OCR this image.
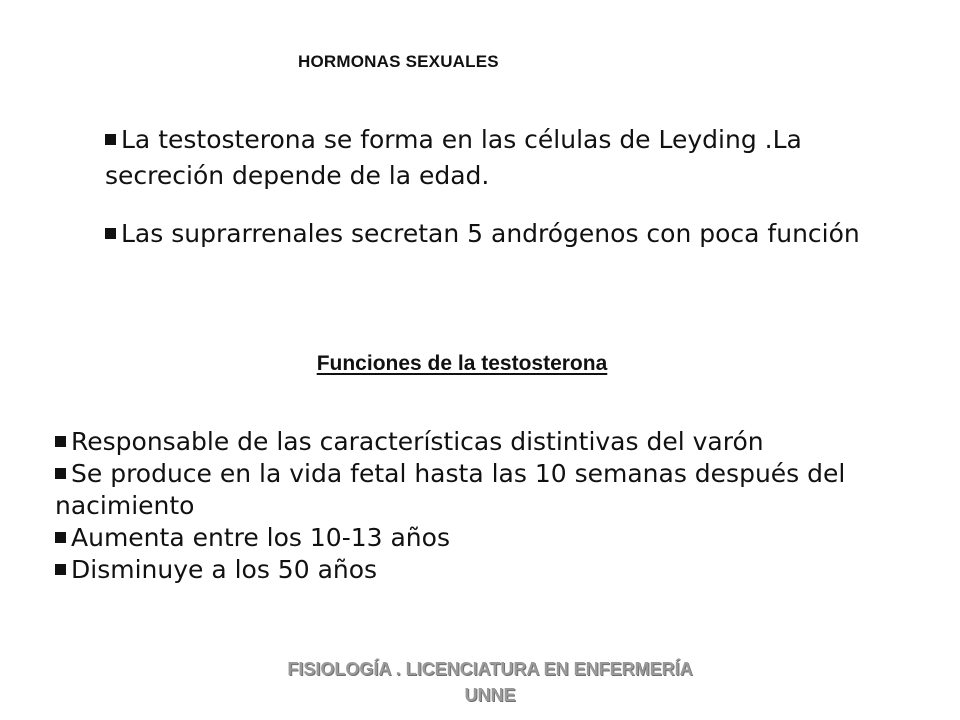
HORMONAS SEXUALES
La testosterona se forma en las células de Leyding .La secreción depende de la edad.
Las suprarrenales secretan 5 andrógenos con poca función
Funciones de la testosterona
Responsable de las características distintivas del varón
Se produce en la vida fetal hasta las 10 semanas después del nacimiento
Aumenta entre los 10-13 años
Disminuye a los 50 años
FISIOLOGÍA . LICENCIATURA EN ENFERMERÍA
UNNE
